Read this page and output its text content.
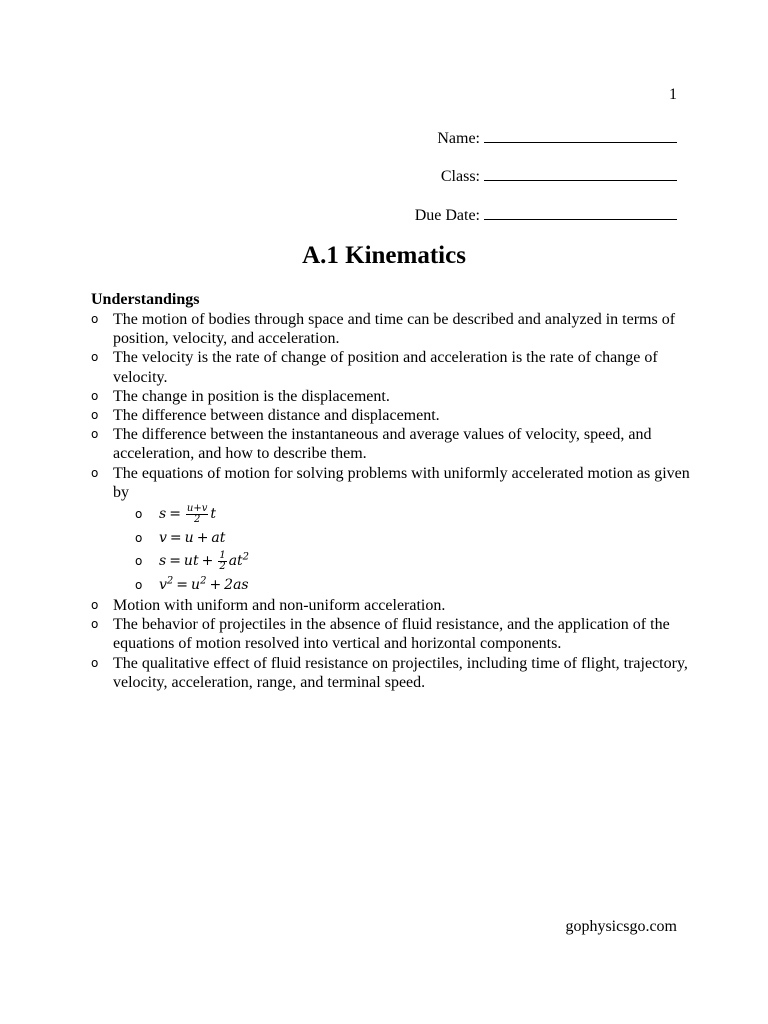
1
Name:
Class:
Due Date:
A.1 Kinematics
Understandings
o The motion of bodies through space and time can be described and analyzed in terms of position, velocity, and acceleration.
o The velocity is the rate of change of position and acceleration is the rate of change of velocity.
o The change in position is the displacement.
o The difference between distance and displacement.
o The difference between the instantaneous and average values of velocity, speed, and acceleration, and how to describe them.
o The equations of motion for solving problems with uniformly accelerated motion as given by
o $s = \frac{u+v}{2}$ t
o v = u + at
o s = ut + $\frac{1}{2} at^2$
o $v^2 = u^2 + 2as$
o Motion with uniform and non-uniform acceleration.
o The behavior of projectiles in the absence of fluid resistance, and the application of the equations of motion resolved into vertical and horizontal components.
o The qualitative effect of fluid resistance on projectiles, including time of flight, trajectory, velocity, acceleration, range, and terminal speed.
gophysicsgo.com
